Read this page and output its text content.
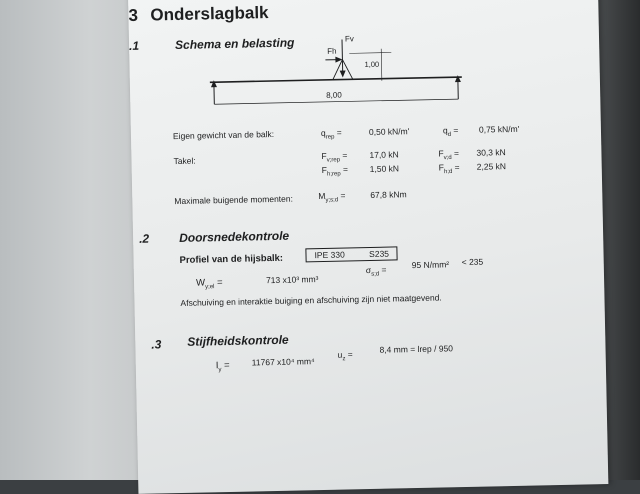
3 Onderslagbalk
.1	Schema en belasting	Fh
Fv
1,00
8,00
Eigen gewicht van de balk:	$q_{rep}$ =	0,50 kN/m'	$q_d = 0,75$ kN/m'
Takel:	$F_{v;rep}$ =	17,0 kN	$F_{v;d} = 30,3$ kN
$F_{h;rep}$ =	1,50 kN	$F_{h;d} = 2,25$ kN
Maximale buigende momenten:	$M_{y;s;d}$ =	67,8 kNm
.2 Doorsnedekontrole
Profiel van de hijsbalk:	IPE 330	S235
$W_{y;el}$ =	713 x10³ mm³
$\sigma_{s;d}$ =	95 N/mm² < 235
Afschuiving en interaktie buiging en afschuiving zijn niet maatgevend.
.3 Stijfheidskontrole
$I_y$ =	11767 x10⁴ mm⁴
$u_z$ =	8,4 mm = lrep / 950
